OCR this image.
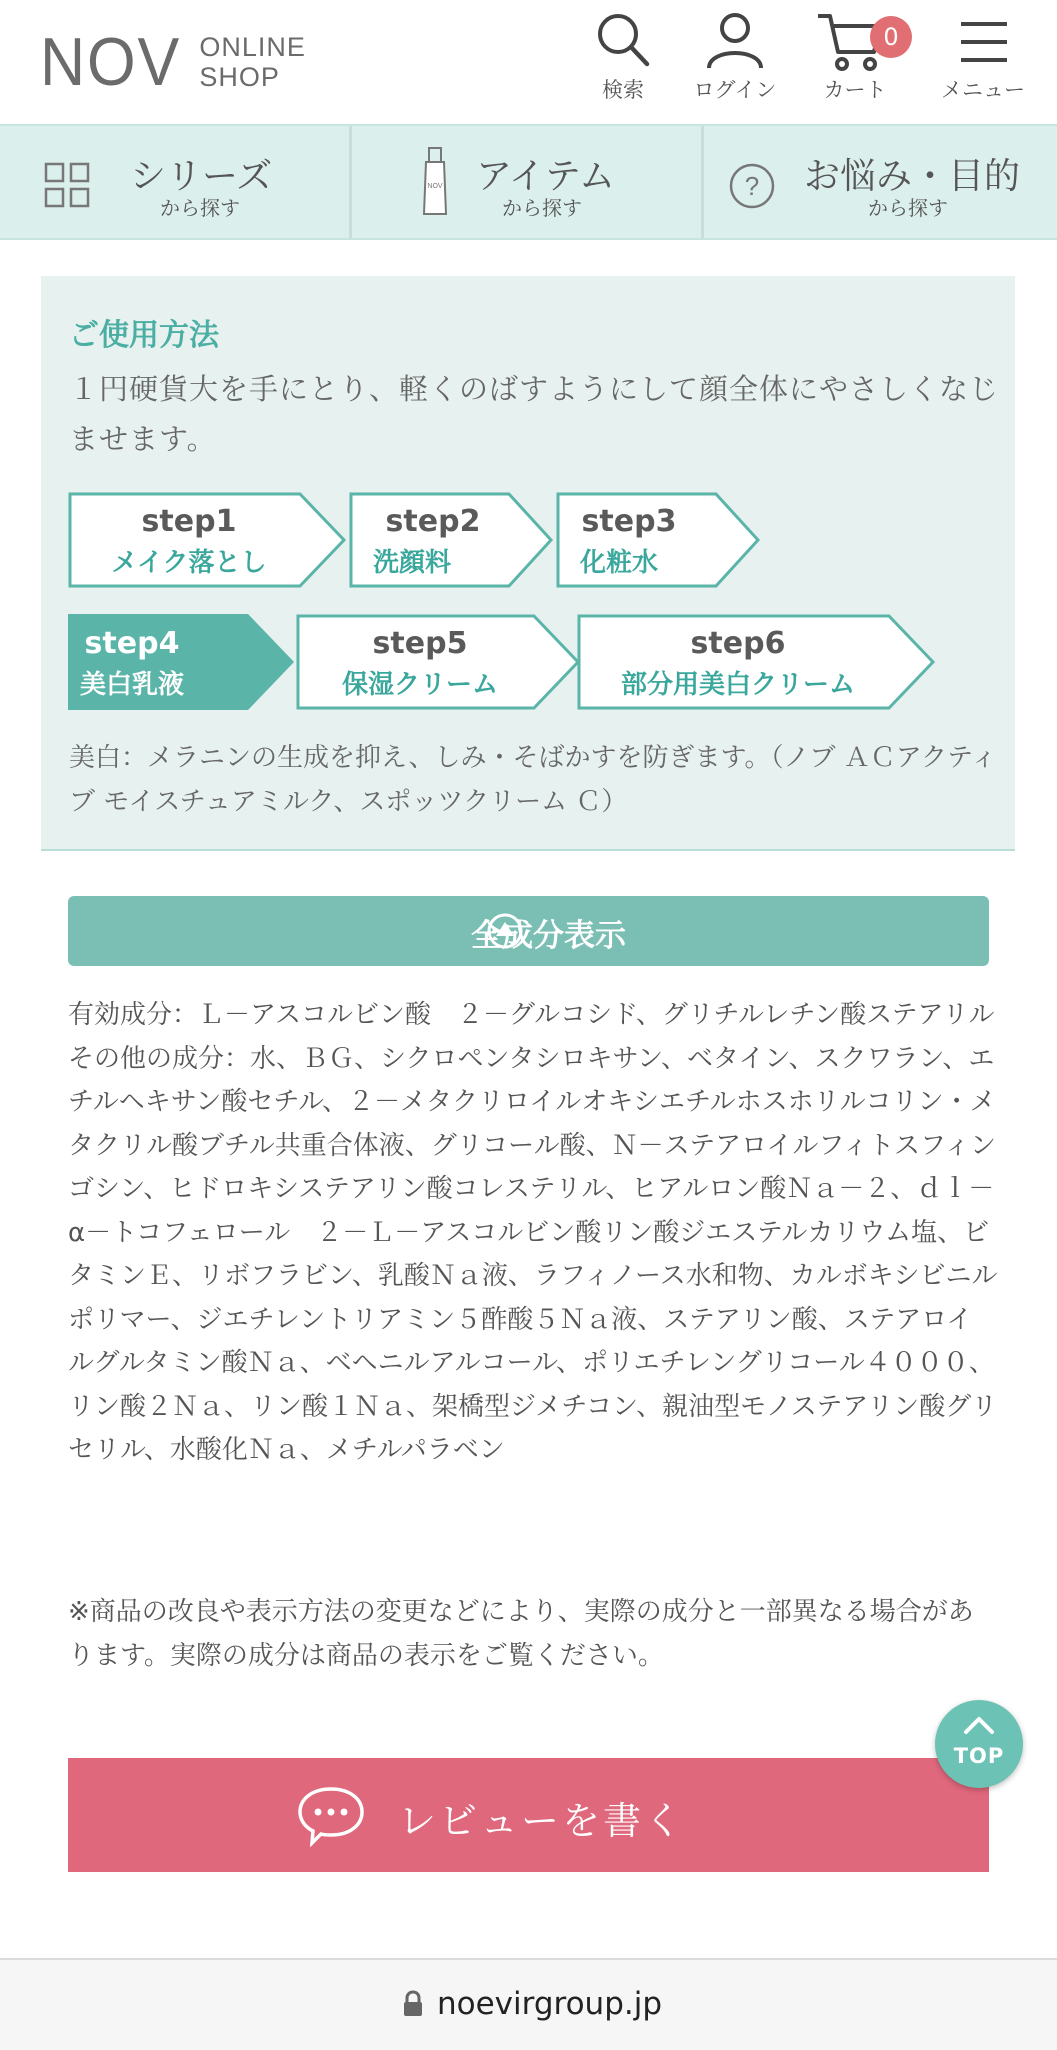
NOV ONLINE
SHOP	検索	ログイン
0
カート	メニュー
シリーズ
から探す
NOV アイテム
から探す
? お悩み・目的
から探す
ご使用方法
１円硬貨大を手にとり、軽くのばすようにして顔全体にやさしくなじませます。
step1
メイク落とし
step2
洗顔料
step3
化粧水
step4
美白乳液
step5
保湿クリーム
step6
部分用美白クリーム
美白：メラニンの生成を抑え、しみ・そばかすを防ぎます。（ノブ ＡＣアクティブ モイスチュアミルク、スポッツクリーム Ｃ）
全成分表示
有効成分：Ｌ－アスコルビン酸　２－グルコシド、グリチルレチン酸ステアリル
その他の成分：水、ＢＧ、シクロペンタシロキサン、ベタイン、スクワラン、エチルヘキサン酸セチル、２－メタクリロイルオキシエチルホスホリルコリン・メタクリル酸ブチル共重合体液、グリコール酸、Ｎ－ステアロイルフィトスフィンゴシン、ヒドロキシステアリン酸コレステリル、ヒアルロン酸Ｎａ－２、ｄｌ－α－トコフェロール　２－Ｌ－アスコルビン酸リン酸ジエステルカリウム塩、ビタミンＥ、リボフラビン、乳酸Ｎａ液、ラフィノース水和物、カルボキシビニルポリマー、ジエチレントリアミン５酢酸５Ｎａ液、ステアリン酸、ステアロイルグルタミン酸Ｎａ、ベヘニルアルコール、ポリエチレングリコール４０００、リン酸２Ｎａ、リン酸１Ｎａ、架橋型ジメチコン、親油型モノステアリン酸グリセリル、水酸化Ｎａ、メチルパラベン
※商品の改良や表示方法の変更などにより、実際の成分と一部異なる場合があります。実際の成分は商品の表示をご覧ください。
レビューを書く
TOP
noevirgroup.jp
